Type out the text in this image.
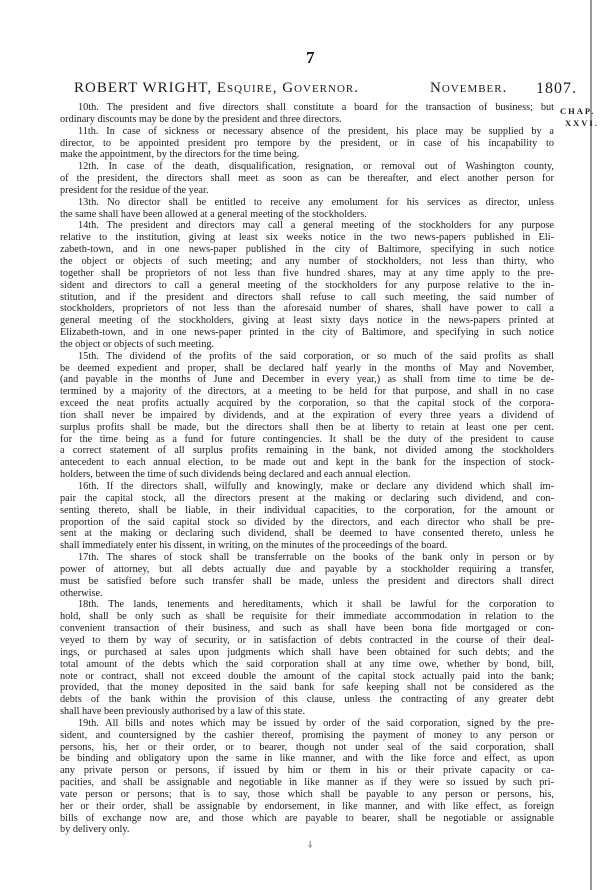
7
ROBERT WRIGHT, Esquire, Governor.	November. 1807.
CHAP.
XXVI.
10th. The president and five directors shall constitute a board for the transaction of business; but
ordinary discounts may be done by the president and three directors.
11th. In case of sickness or necessary absence of the president, his place may be supplied by a
director, to be appointed president pro tempore by the president, or in case of his incapability to
make the appointment, by the directors for the time being.
12th. In case of the death, disqualification, resignation, or removal out of Washington county,
of the president, the directors shall meet as soon as can be thereafter, and elect another person for
president for the residue of the year.
13th. No director shall be entitled to receive any emolument for his services as director, unless
the same shall have been allowed at a general meeting of the stockholders.
14th. The president and directors may call a general meeting of the stockholders for any purpose
relative to the institution, giving at least six weeks notice in the two news-papers published in Eli-
zabeth-town, and in one news-paper published in the city of Baltimore, specifying in such notice
the object or objects of such meeting; and any number of stockholders, not less than thirty, who
together shall be proprietors of not less than five hundred shares, may at any time apply to the pre-
sident and directors to call a general meeting of the stockholders for any purpose relative to the in-
stitution, and if the president and directors shall refuse to call such meeting, the said number of
stockholders, proprietors of not less than the aforesaid number of shares, shall have power to call a
general meeting of the stockholders, giving at least sixty days notice in the news-papers printed at
Elizabeth-town, and in one news-paper printed in the city of Baltimore, and specifying in such notice
the object or objects of such meeting.
15th. The dividend of the profits of the said corporation, or so much of the said profits as shall
be deemed expedient and proper, shall be declared half yearly in the months of May and November,
(and payable in the months of June and December in every year,) as shall from time to time be de-
termined by a majority of the directors, at a meeting to be held for that purpose, and shall in no case
exceed the neat profits actually acquired by the corporation, so that the capital stock of the corpora-
tion shall never be impaired by dividends, and at the expiration of every three years a dividend of
surplus profits shall be made, but the directors shall then be at liberty to retain at least one per cent.
for the time being as a fund for future contingencies. It shall be the duty of the president to cause
a correct statement of all surplus profits remaining in the bank, not divided among the stockholders
antecedent to each annual election, to be made out and kept in the bank for the inspection of stock-
holders, between the time of such dividends being declared and each annual election.
16th. If the directors shall, wilfully and knowingly, make or declare any dividend which shall im-
pair the capital stock, all the directors present at the making or declaring such dividend, and con-
senting thereto, shall be liable, in their individual capacities, to the corporation, for the amount or
proportion of the said capital stock so divided by the directors, and each director who shall be pre-
sent at the making or declaring such dividend, shall be deemed to have consented thereto, unless he
shall immediately enter his dissent, in writing, on the minutes of the proceedings of the board.
17th. The shares of stock shall be transferrable on the books of the bank only in person or by
power of attorney, but all debts actually due and payable by a stockholder requiring a transfer,
must be satisfied before such transfer shall be made, unless the president and directors shall direct
otherwise.
18th. The lands, tenements and hereditaments, which it shall be lawful for the corporation to
hold, shall be only such as shall be requisite for their immediate accommodation in relation to the
convenient transaction of their business, and such as shall have been bona fide mortgaged or con-
veyed to them by way of security, or in satisfaction of debts contracted in the course of their deal-
ings, or purchased at sales upon judgments which shall have been obtained for such debts; and the
total amount of the debts which the said corporation shall at any time owe, whether by bond, bill,
note or contract, shall not exceed double the amount of the capital stock actually paid into the bank;
provided, that the money deposited in the said bank for safe keeping shall not be considered as the
debts of the bank within the provision of this clause, unless the contracting of any greater debt
shall have been previously authorised by a law of this state.
19th. All bills and notes which may be issued by order of the said corporation, signed by the pre-
sident, and countersigned by the cashier thereof, promising the payment of money to any person or
persons, his, her or their order, or to bearer, though not under seal of the said corporation, shall
be binding and obligatory upon the same in like manner, and with the like force and effect, as upon
any private person or persons, if issued by him or them in his or their private capacity or ca-
pacities, and shall be assignable and negotiable in like manner as if they were so issued by such pri-
vate person or persons; that is to say, those which shall be payable to any person or persons, his,
her or their order, shall be assignable by endorsement, in like manner, and with like effect, as foreign
bills of exchange now are, and those which are payable to bearer, shall be negotiable or assignable
by delivery only.
⸸
